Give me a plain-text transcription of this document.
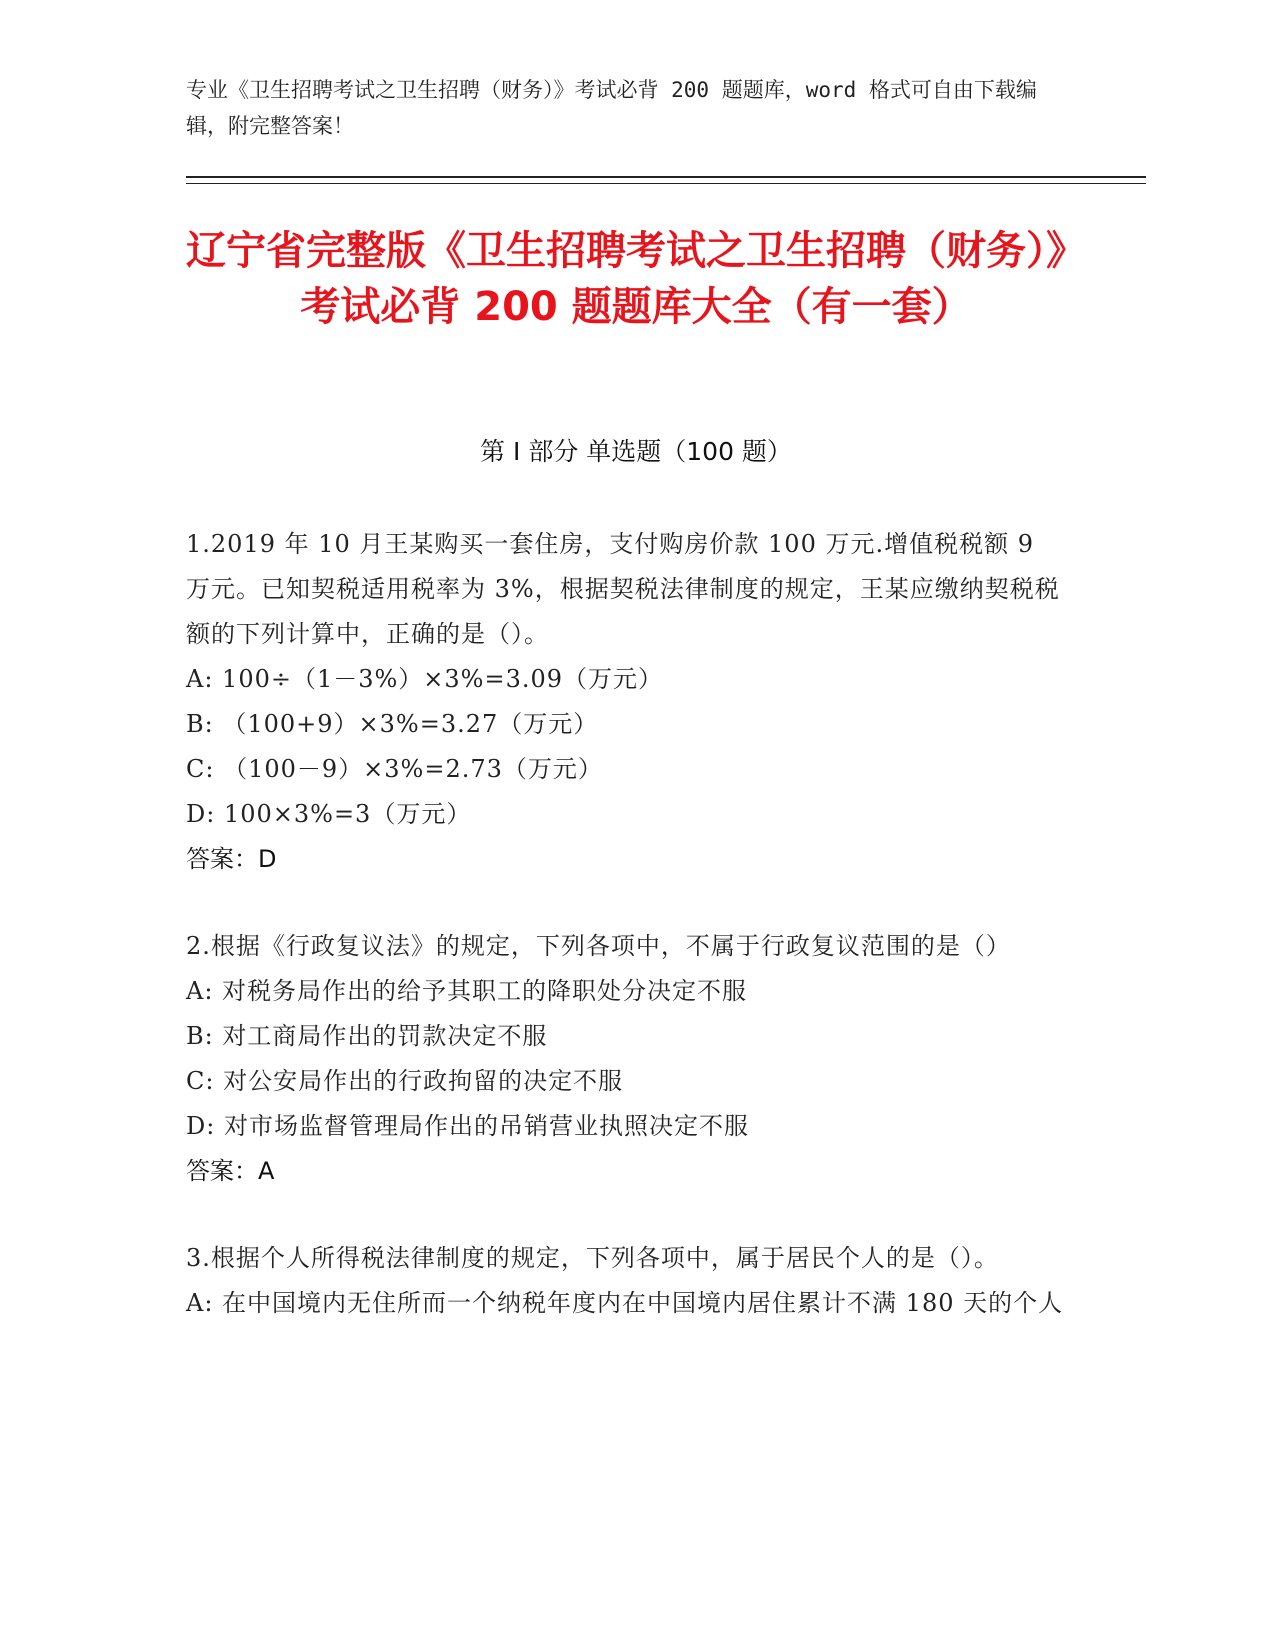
专业《卫生招聘考试之卫生招聘（财务）》考试必背 200 题题库，word 格式可自由下载编辑，附完整答案！
辽宁省完整版《卫生招聘考试之卫生招聘（财务）》考试必背 200 题题库大全（有一套）
第 I 部分 单选题（100 题）
1.2019 年 10 月王某购买一套住房，支付购房价款 100 万元.增值税税额 9 万元。已知契税适用税率为 3%，根据契税法律制度的规定，王某应缴纳契税税额的下列计算中，正确的是（）。
A: 100÷（1－3%）×3%=3.09（万元）
B: （100+9）×3%=3.27（万元）
C: （100－9）×3%=2.73（万元）
D: 100×3%=3（万元）
答案：D
2.根据《行政复议法》的规定，下列各项中，不属于行政复议范围的是（）
A: 对税务局作出的给予其职工的降职处分决定不服
B: 对工商局作出的罚款决定不服
C: 对公安局作出的行政拘留的决定不服
D: 对市场监督管理局作出的吊销营业执照决定不服
答案：A
3.根据个人所得税法律制度的规定，下列各项中，属于居民个人的是（）。
A: 在中国境内无住所而一个纳税年度内在中国境内居住累计不满 180 天的个人
